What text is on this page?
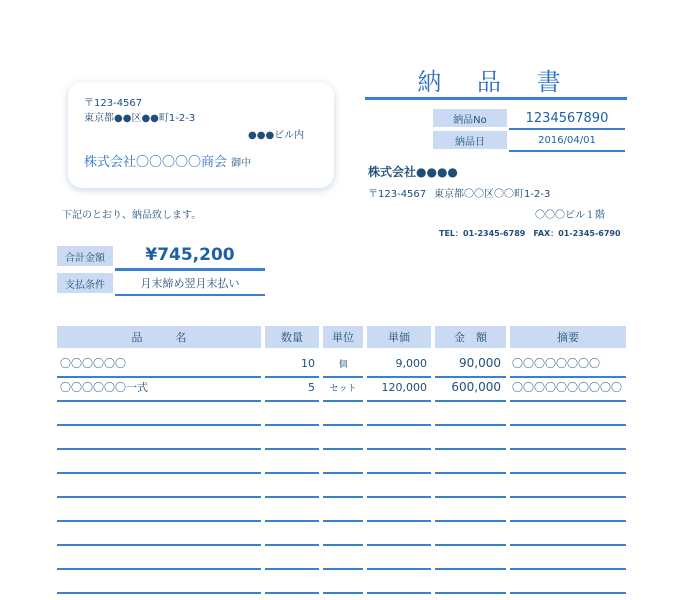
納 品 書
〒123-4567
東京都●●区●●町1-2-3
●●●ビル内
株式会社〇〇〇〇〇商会 御中
下記のとおり、納品致します。
納品No	1234567890
納品日	2016/04/01
株式会社●●●●
〒123-4567 東京都〇〇区〇〇町1-2-3
〇〇〇ビル１階
TEL：01-2345-6789　FAX：01-2345-6790
合計金額	¥745,200
支払条件	月末締め翌月末払い
品　　　名	数量	単位	単価	金　額	摘要
〇〇〇〇〇〇	10	個	9,000	90,000 〇〇〇〇〇〇〇〇
〇〇〇〇〇〇一式	5	セット	120,000	600,000 〇〇〇〇〇〇〇〇〇〇
